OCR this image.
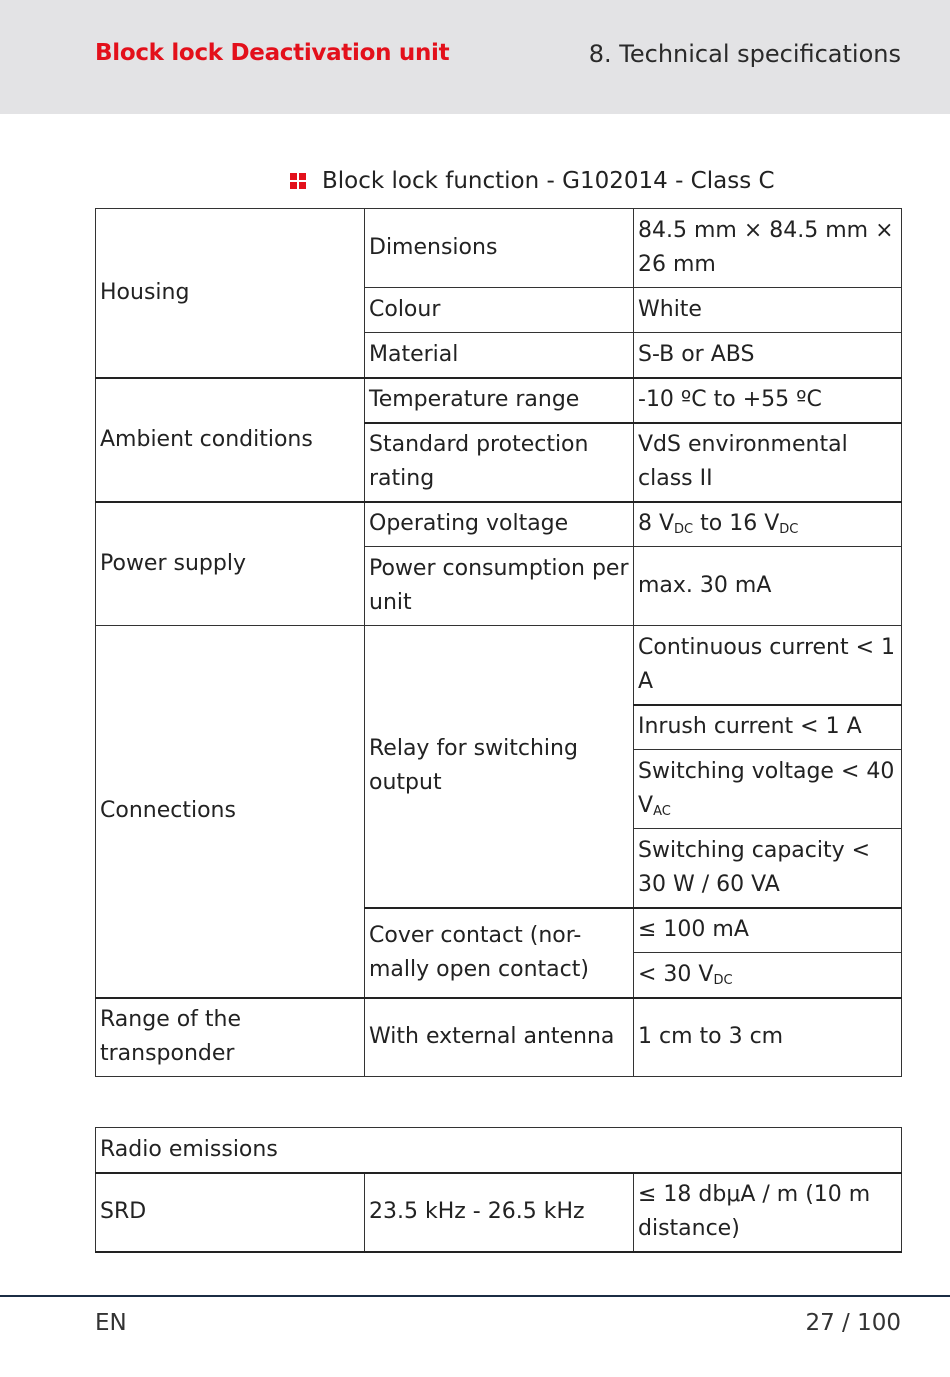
Block lock Deactivation unit	8. Technical specifications
Block lock function - G102014 - Class C
Housing	Dimensions	84.5 mm × 84.5 mm × 26 mm
	Colour	White
	Material	S-B or ABS
Ambient conditions	Temperature range	-10 ºC to +55 ºC
	Standard protection rating	VdS environmental class II
Power supply	Operating voltage	8 $V_{DC}$ to 16 $V_{DC}$
	Power consumption per unit	max. 30 mA
Connections	Relay for switching output	Continuous current < 1 A
		Inrush current < 1 A
		Switching voltage < 40 $V_{AC}$
		Switching capacity < 30 W / 60 VA
	Cover contact (nor-mally open contact)	≤ 100 mA
		< 30 $V_{DC}$
Range of the transponder	With external antenna	1 cm to 3 cm
Radio emissions
SRD	23.5 kHz - 26.5 kHz	≤ 18 dbμA / m (10 m distance)
EN	27 / 100
